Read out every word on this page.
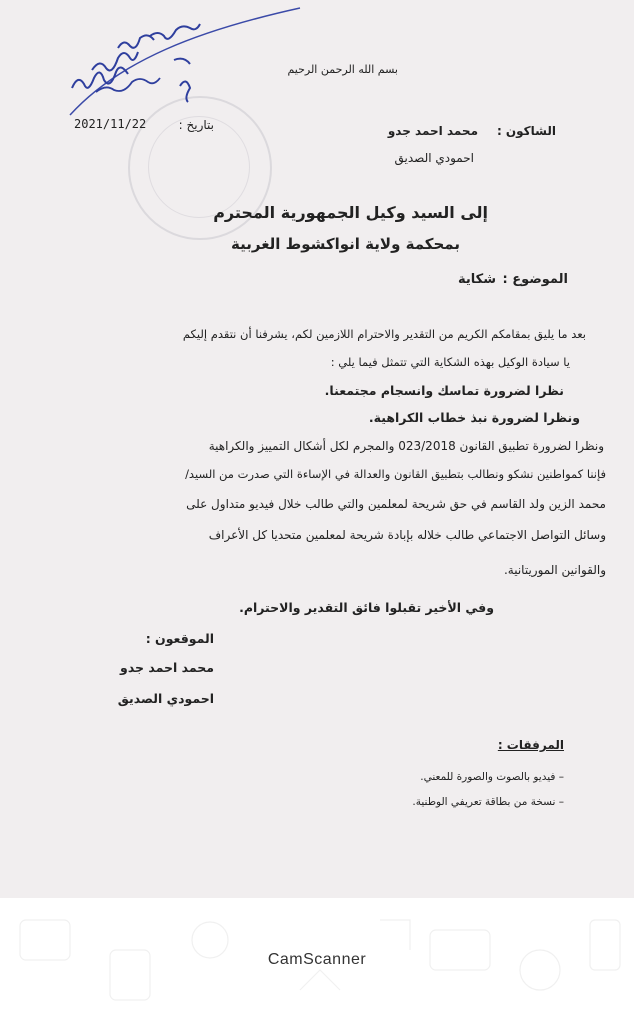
بسم الله الرحمن الرحيم
بتاريخ :
2021/11/22	الشاكون :
محمد احمد جدو
احمودي الصديق
إلى السيد وكيل الجمهورية المحترم
بمحكمة ولاية انواكشوط الغربية
الموضوع :
شكاية
بعد ما يليق بمقامكم الكريم من التقدير والاحترام اللازمين لكم، يشرفنا أن نتقدم إليكم
يا سيادة الوكيل بهذه الشكاية التي تتمثل فيما يلي :
نظرا لضرورة تماسك وانسجام مجتمعنا.
ونظرا لضرورة نبذ خطاب الكراهية.
ونظرا لضرورة تطبيق القانون 023/2018 والمجرم لكل أشكال التمييز والكراهية
فإننا كمواطنين نشكو ونطالب بتطبيق القانون والعدالة في الإساءة التي صدرت من السيد/
محمد الزين ولد القاسم في حق شريحة لمعلمين والتي طالب خلال فيديو متداول على
وسائل التواصل الاجتماعي طالب خلاله بإبادة شريحة لمعلمين متحديا كل الأعراف
والقوانين الموريتانية.
وفي الأخير تقبلوا فائق التقدير والاحترام.
الموقعون :
محمد احمد جدو
احمودي الصديق
المرفقات :
– فيديو بالصوت والصورة للمعني.
– نسخة من بطاقة تعريفي الوطنية.
CamScanner
